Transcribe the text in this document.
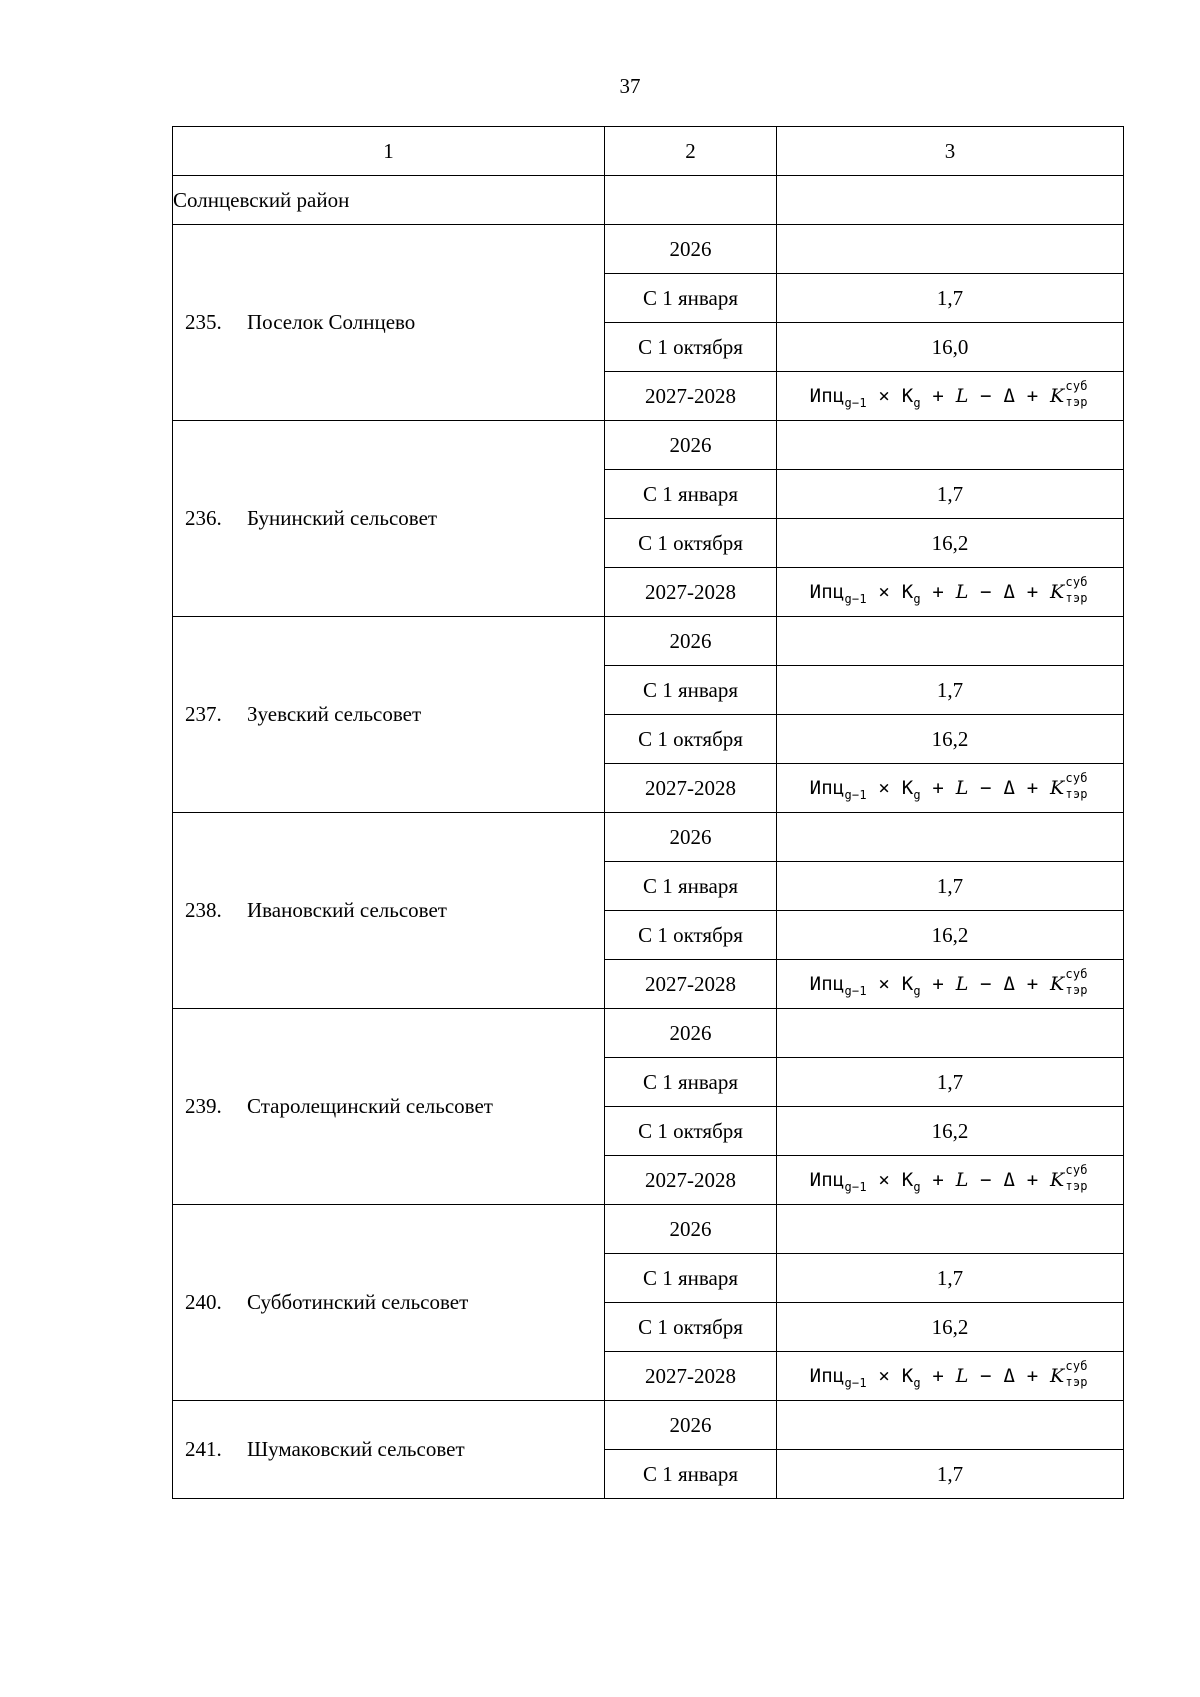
37
1	2	3
Солнцевский район		
235. Поселок Солнцево	2026	
	С 1 января	1,7
	С 1 октября	16,0
	2027-2028	$Ипц_{g-1} \times К_g + L - \Delta + K$ суб
тэр

236. Бунинский сельсовет	2026	
	С 1 января	1,7
	С 1 октября	16,2
	2027-2028	$Ипц_{g-1} \times К_g + L - \Delta + K$ суб
тэр

237. Зуевский сельсовет	2026	
	С 1 января	1,7
	С 1 октября	16,2
	2027-2028	$Ипц_{g-1} \times К_g + L - \Delta + K$ суб
тэр

238. Ивановский сельсовет	2026	
	С 1 января	1,7
	С 1 октября	16,2
	2027-2028	$Ипц_{g-1} \times К_g + L - \Delta + K$ суб
тэр

239. Старолещинский сельсовет	2026	
	С 1 января	1,7
	С 1 октября	16,2
	2027-2028	$Ипц_{g-1} \times К_g + L - \Delta + K$ суб
тэр

240. Субботинский сельсовет	2026	
	С 1 января	1,7
	С 1 октября	16,2
	2027-2028	$Ипц_{g-1} \times К_g + L - \Delta + K$ суб
тэр

241. Шумаковский сельсовет	2026	
	С 1 января	1,7
